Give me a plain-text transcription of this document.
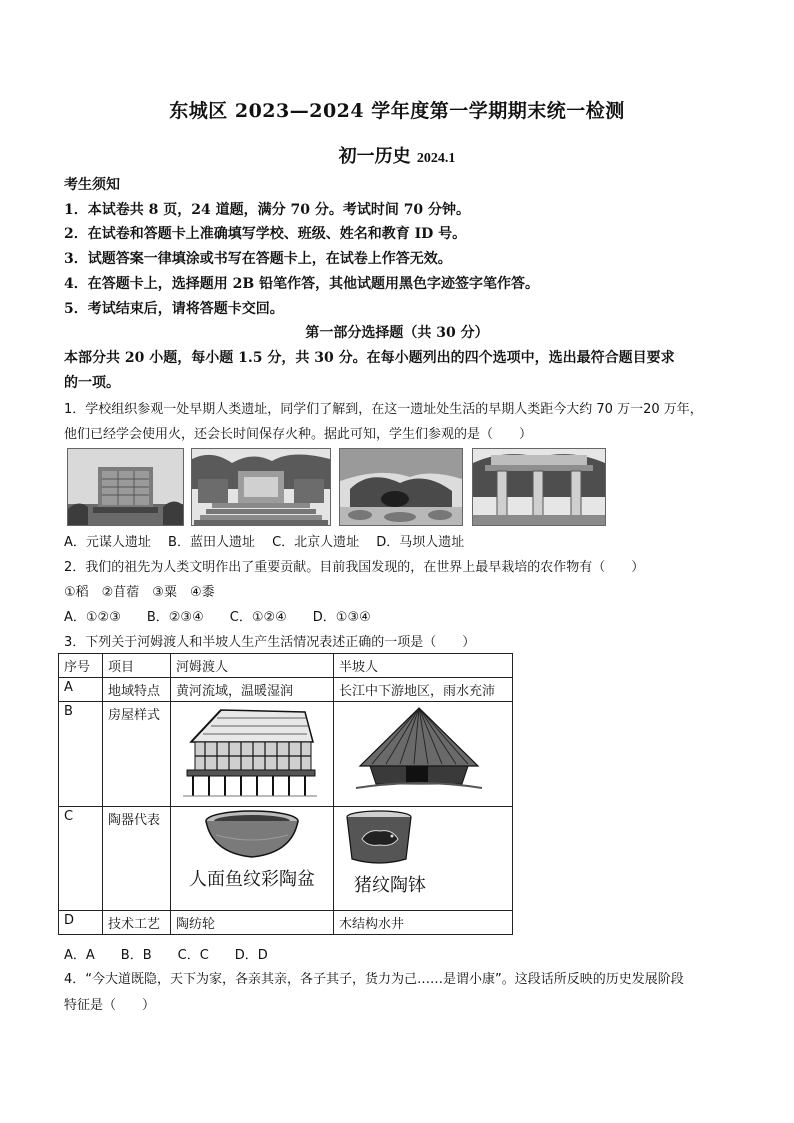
东城区 2023—2024 学年度第一学期期末统一检测
初一历史 2024.1
考生须知
1．本试卷共 8 页，24 道题，满分 70 分。考试时间 70 分钟。
2．在试卷和答题卡上准确填写学校、班级、姓名和教育 ID 号。
3．试题答案一律填涂或书写在答题卡上，在试卷上作答无效。
4．在答题卡上，选择题用 2B 铅笔作答，其他试题用黑色字迹签字笔作答。
5．考试结束后，请将答题卡交回。
第一部分选择题（共 30 分）
本部分共 20 小题，每小题 1.5 分，共 30 分。在每小题列出的四个选项中，选出最符合题目要求
的一项。
1．学校组织参观一处早期人类遗址，同学们了解到，在这一遗址处生活的早期人类距今大约 70 万一20 万年，
他们已经学会使用火，还会长时间保存火种。据此可知，学生们参观的是（　　）
A．元谋人遗址　 B．蓝田人遗址　 C．北京人遗址　 D．马坝人遗址
2．我们的祖先为人类文明作出了重要贡献。目前我国发现的，在世界上最早栽培的农作物有（　　）
①稻　②苜蓿　③粟　④黍
A．①②③　　B．②③④　　C．①②④　　D．①③④
3．下列关于河姆渡人和半坡人生产生活情况表述正确的一项是（　　）
序号	项目	河姆渡人	半坡人
A	地域特点	黄河流域，温暖湿润	长江中下游地区，雨水充沛
B	房屋样式		
C	陶器代表	人面鱼纹彩陶盆	猪纹陶钵

D	技术工艺	陶纺轮	木结构水井
A．A　　B．B　　C．C　　D．D
4．“今大道既隐，天下为家，各亲其亲，各子其子，货力为己……是谓小康”。这段话所反映的历史发展阶段
特征是（　　）
